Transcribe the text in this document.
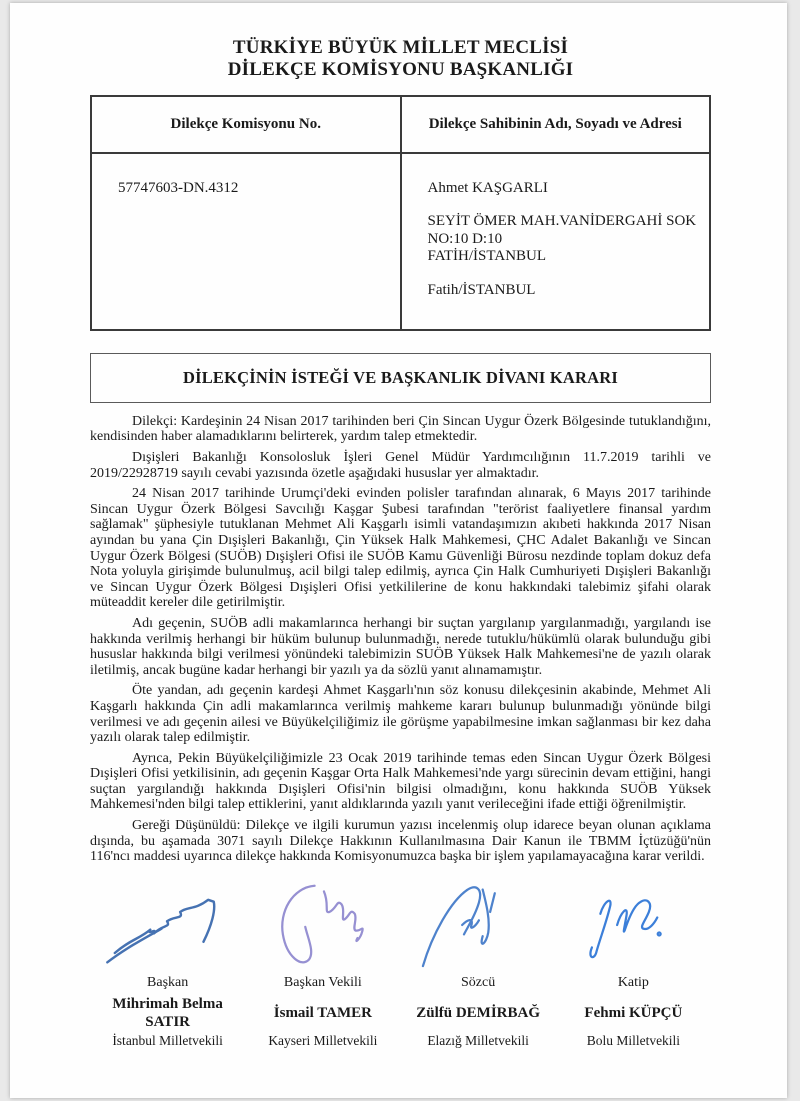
TÜRKİYE BÜYÜK MİLLET MECLİSİ
DİLEKÇE KOMİSYONU BAŞKANLIĞI
Dilekçe Komisyonu No.	Dilekçe Sahibinin Adı, Soyadı ve Adresi
57747603-DN.4312	Ahmet KAŞGARLI
SEYİT ÖMER MAH.VANİDERGAHİ SOK
NO:10 D:10
FATİH/İSTANBUL
Fatih/İSTANBUL
DİLEKÇİNİN İSTEĞİ VE BAŞKANLIK DİVANI KARARI

Dilekçi: Kardeşinin 24 Nisan 2017 tarihinden beri Çin Sincan Uygur Özerk Bölgesinde tutuklandığını, kendisinden haber alamadıklarını belirterek, yardım talep etmektedir.

Dışişleri Bakanlığı Konsolosluk İşleri Genel Müdür Yardımcılığının 11.7.2019 tarihli ve 2019/22928719 sayılı cevabi yazısında özetle aşağıdaki hususlar yer almaktadır.

24 Nisan 2017 tarihinde Urumçi'deki evinden polisler tarafından alınarak, 6 Mayıs 2017 tarihinde Sincan Uygur Özerk Bölgesi Savcılığı Kaşgar Şubesi tarafından "terörist faaliyetlere finansal yardım sağlamak" şüphesiyle tutuklanan Mehmet Ali Kaşgarlı isimli vatandaşımızın akıbeti hakkında 2017 Nisan ayından bu yana Çin Dışişleri Bakanlığı, Çin Yüksek Halk Mahkemesi, ÇHC Adalet Bakanlığı ve Sincan Uygur Özerk Bölgesi (SUÖB) Dışişleri Ofisi ile SUÖB Kamu Güvenliği Bürosu nezdinde toplam dokuz defa Nota yoluyla girişimde bulunulmuş, acil bilgi talep edilmiş, ayrıca Çin Halk Cumhuriyeti Dışişleri Bakanlığı ve Sincan Uygur Özerk Bölgesi Dışişleri Ofisi yetkililerine de konu hakkındaki talebimiz şifahi olarak müteaddit kereler dile getirilmiştir.

Adı geçenin, SUÖB adli makamlarınca herhangi bir suçtan yargılanıp yargılanmadığı, yargılandı ise hakkında verilmiş herhangi bir hüküm bulunup bulunmadığı, nerede tutuklu/hükümlü olarak bulunduğu gibi hususlar hakkında bilgi verilmesi yönündeki talebimizin SUÖB Yüksek Halk Mahkemesi'ne de yazılı olarak iletilmiş, ancak bugüne kadar herhangi bir yazılı ya da sözlü yanıt alınamamıştır.

Öte yandan, adı geçenin kardeşi Ahmet Kaşgarlı'nın söz konusu dilekçesinin akabinde, Mehmet Ali Kaşgarlı hakkında Çin adli makamlarınca verilmiş mahkeme kararı bulunup bulunmadığı yönünde bilgi verilmesi ve adı geçenin ailesi ve Büyükelçiliğimiz ile görüşme yapabilmesine imkan sağlanması bir kez daha yazılı olarak talep edilmiştir.

Ayrıca, Pekin Büyükelçiliğimizle 23 Ocak 2019 tarihinde temas eden Sincan Uygur Özerk Bölgesi Dışişleri Ofisi yetkilisinin, adı geçenin Kaşgar Orta Halk Mahkemesi'nde yargı sürecinin devam ettiğini, hangi suçtan yargılandığı hakkında Dışişleri Ofisi'nin bilgisi olmadığını, konu hakkında SUÖB Yüksek Mahkemesi'nden bilgi talep ettiklerini, yanıt aldıklarında yazılı yanıt verileceğini ifade ettiği öğrenilmiştir.

Gereği Düşünüldü: Dilekçe ve ilgili kurumun yazısı incelenmiş olup idarece beyan olunan açıklama dışında, bu aşamada 3071 sayılı Dilekçe Hakkının Kullanılmasına Dair Kanun ile TBMM İçtüzüğü'nün 116'ncı maddesi uyarınca dilekçe hakkında Komisyonumuzca başka bir işlem yapılamayacağına karar verildi.

Başkan
Mihrimah Belma SATIR
İstanbul Milletvekili
Başkan Vekili
İsmail TAMER
Kayseri Milletvekili
Sözcü
Zülfü DEMİRBAĞ
Elazığ Milletvekili
Katip
Fehmi KÜPÇÜ
Bolu Milletvekili
